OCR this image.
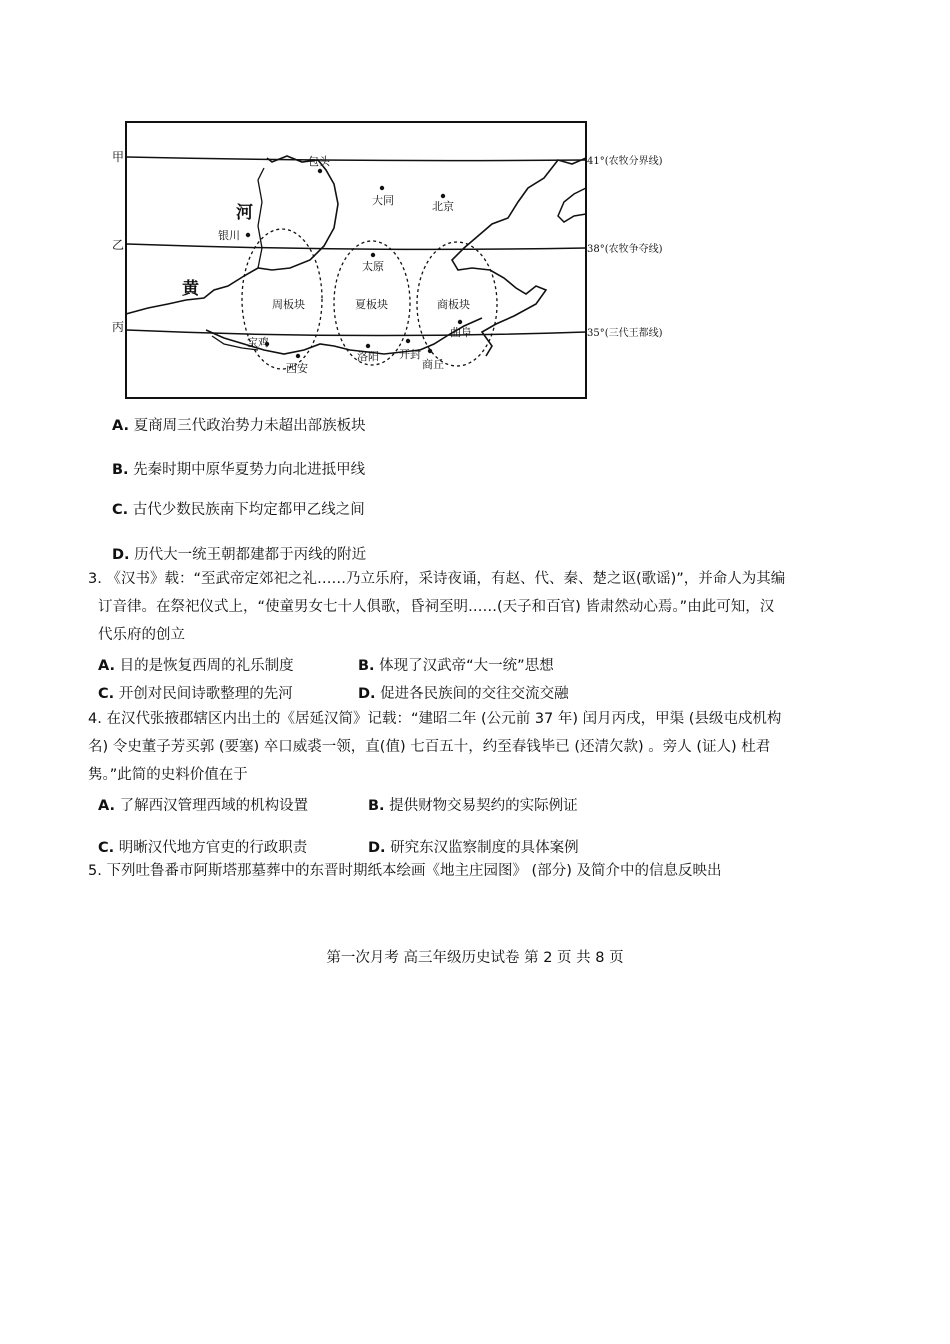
甲
乙
丙
41°(农牧分界线)
38°(农牧争夺线)
35°(三代王都线)
河
黄
周板块	夏板块	商板块
包头
大同	北京
银川
太原
曲阜
宝鸡
西安
洛阳 开封
商丘
A. 夏商周三代政治势力未超出部族板块
B. 先秦时期中原华夏势力向北进抵甲线
C. 古代少数民族南下均定都甲乙线之间
D. 历代大一统王朝都建都于丙线的附近
3. 《汉书》载：“至武帝定郊祀之礼……乃立乐府，采诗夜诵，有赵、代、秦、楚之讴(歌谣)”，并命人为其编
订音律。在祭祀仪式上，“使童男女七十人俱歌，昏祠至明……(天子和百官) 皆肃然动心焉。”由此可知，汉
代乐府的创立
A. 目的是恢复西周的礼乐制度	B. 体现了汉武帝“大一统”思想
C. 开创对民间诗歌整理的先河	D. 促进各民族间的交往交流交融
4. 在汉代张掖郡辖区内出土的《居延汉简》记载：“建昭二年 (公元前 37 年) 闰月丙戌，甲渠 (县级屯戍机构
名) 令史董子芳买郭 (要塞) 卒口威裘一领，直(值) 七百五十，约至春钱毕已 (还清欠款) 。旁人 (证人) 杜君
隽。”此简的史料价值在于
A. 了解西汉管理西域的机构设置	B. 提供财物交易契约的实际例证
C. 明晰汉代地方官吏的行政职责	D. 研究东汉监察制度的具体案例
5. 下列吐鲁番市阿斯塔那墓葬中的东晋时期纸本绘画《地主庄园图》 (部分) 及简介中的信息反映出
第一次月考 高三年级历史试卷 第 2 页 共 8 页
